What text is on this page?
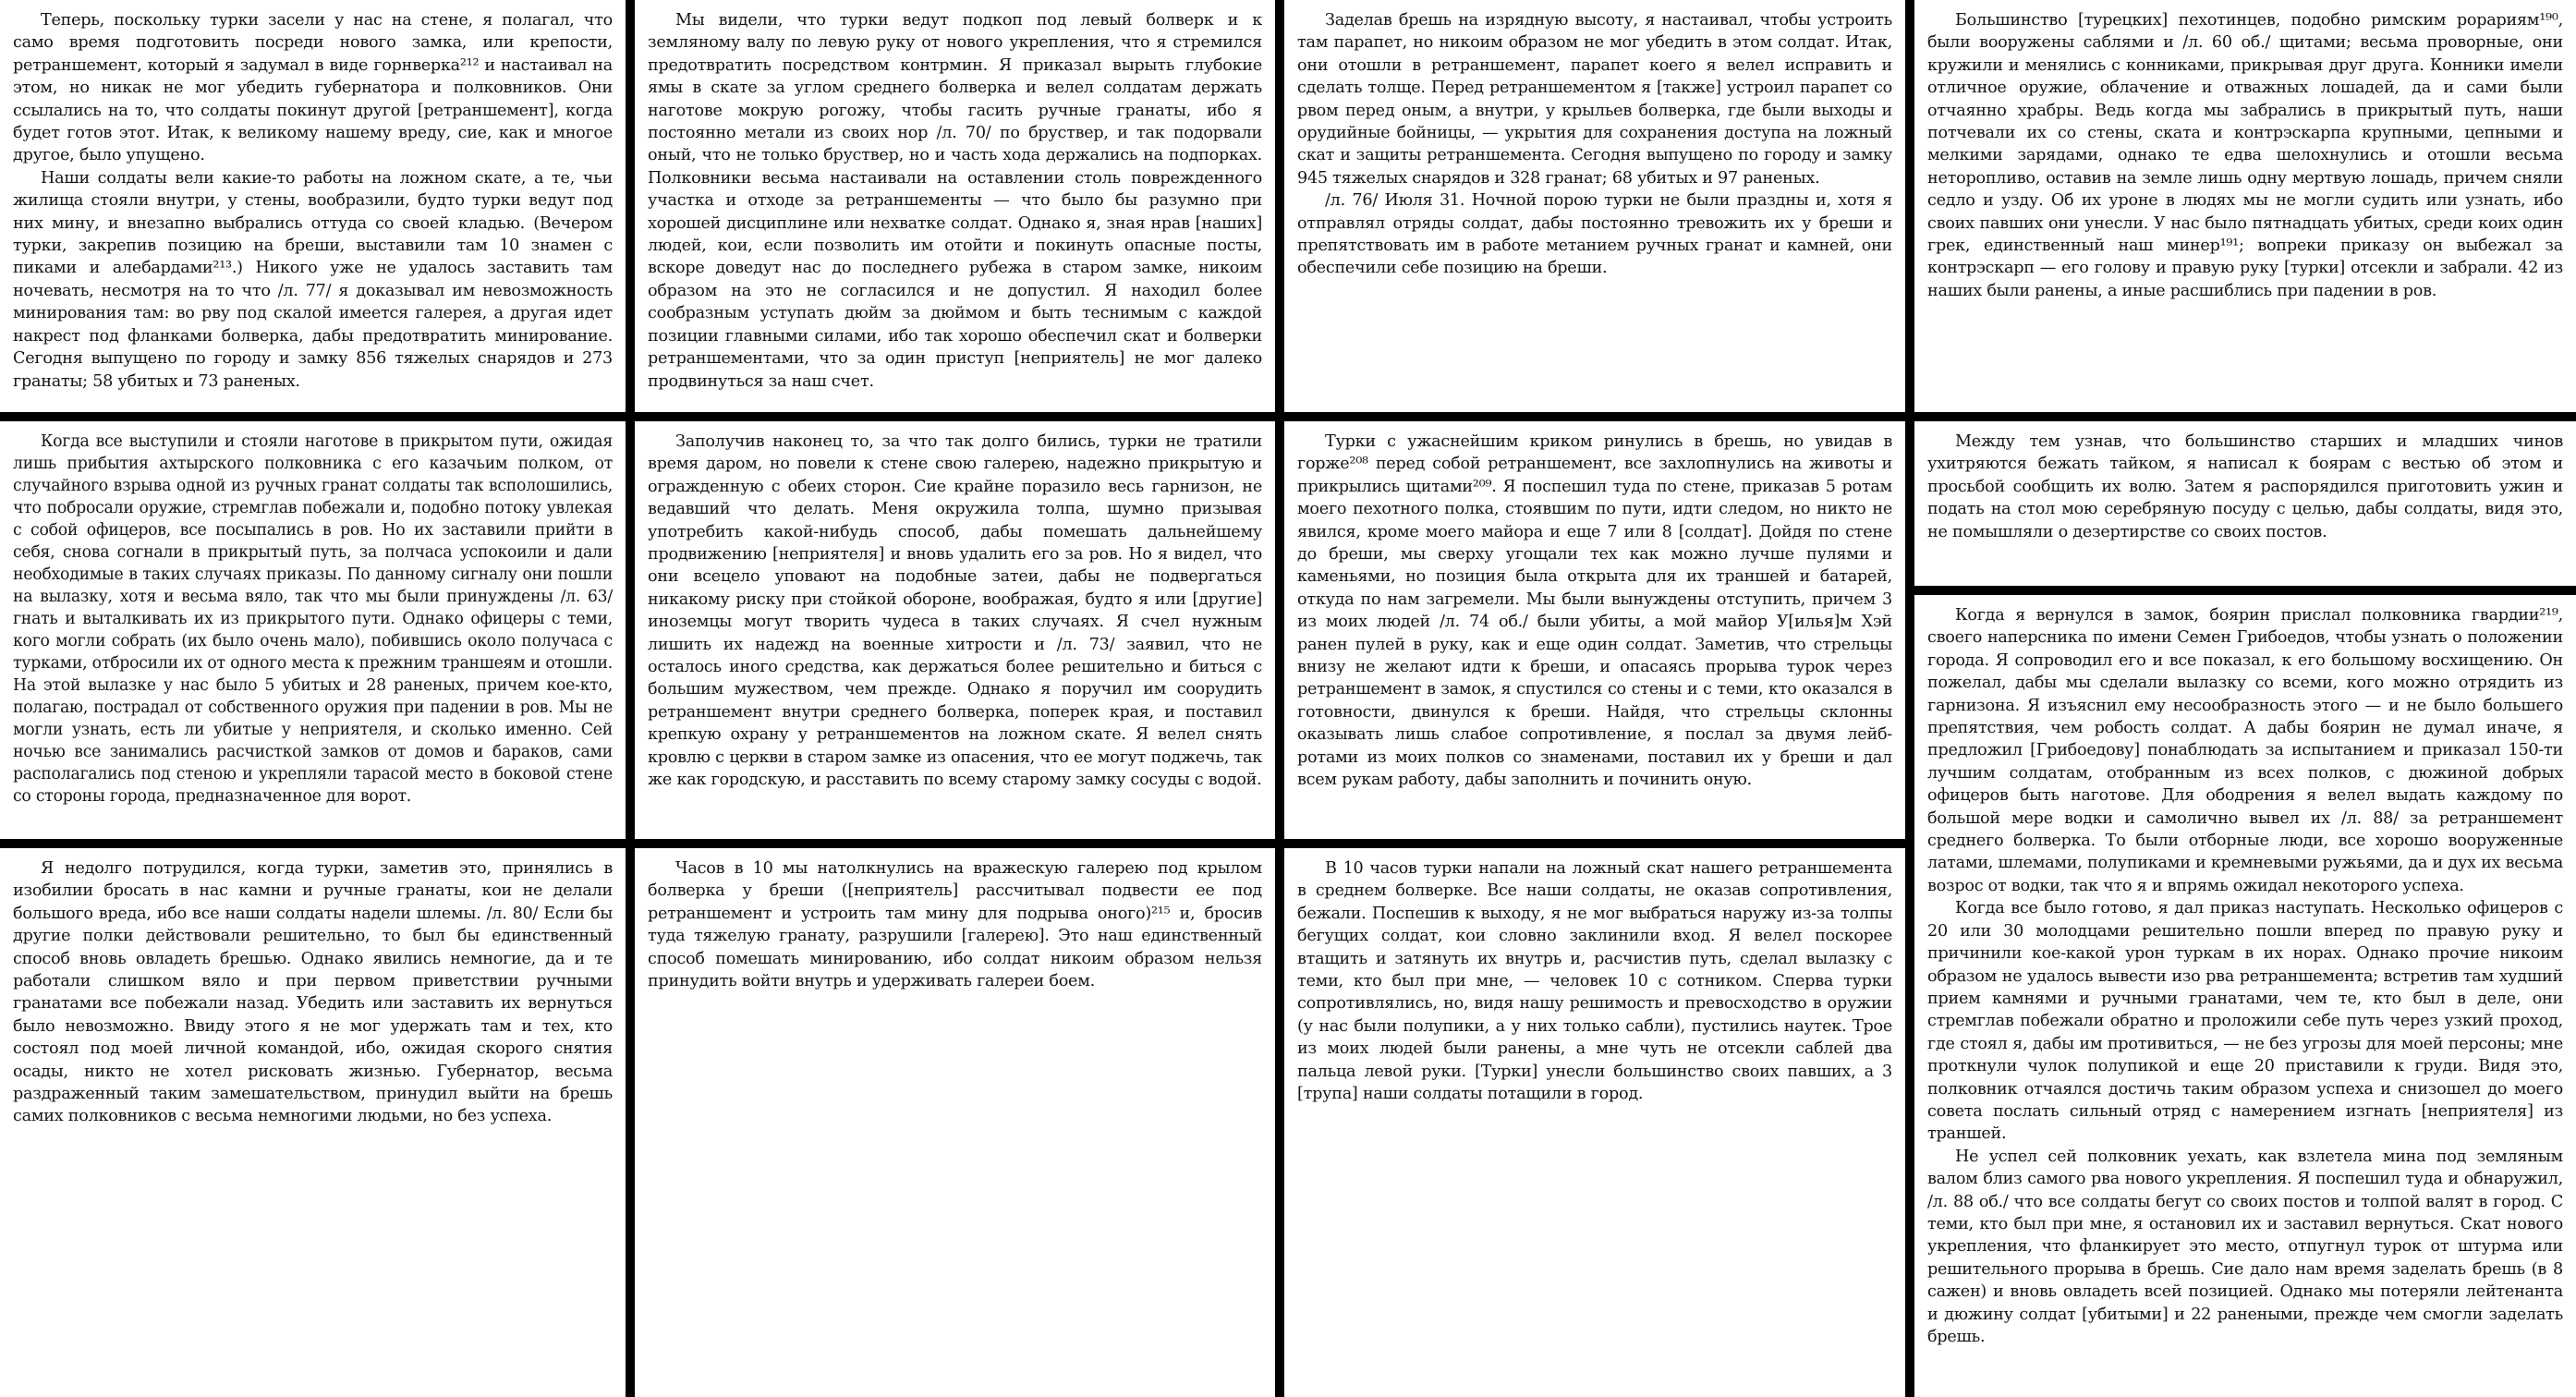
Теперь, поскольку турки засели у нас на стене, я полагал, что само время подготовить посреди нового замка, или крепости, ретраншемент, который я задумал в виде горнверка²¹² и настаивал на этом, но никак не мог убедить губернатора и полковников. Они ссылались на то, что солдаты покинут другой [ретраншемент], когда будет готов этот. Итак, к великому нашему вреду, сие, как и многое другое, было упущено.

Наши солдаты вели какие-то работы на ложном скате, а те, чьи жилища стояли внутри, у стены, вообразили, будто турки ведут под них мину, и внезапно выбрались оттуда со своей кладью. (Вечером турки, закрепив позицию на бреши, выставили там 10 знамен с пиками и алебардами²¹³.) Никого уже не удалось заставить там ночевать, несмотря на то что /л. 77/ я доказывал им невозможность минирования там: во рву под скалой имеется галерея, а другая идет накрест под фланками болверка, дабы предотвратить минирование. Сегодня выпущено по городу и замку 856 тяжелых снарядов и 273 гранаты; 58 убитых и 73 раненых.

Мы видели, что турки ведут подкоп под левый болверк и к земляному валу по левую руку от нового укрепления, что я стремился предотвратить посредством контрмин. Я приказал вырыть глубокие ямы в скате за углом среднего болверка и велел солдатам держать наготове мокрую рогожу, чтобы гасить ручные гранаты, ибо я постоянно метали из своих нор /л. 70/ по бруствер, и так подорвали оный, что не только бруствер, но и часть хода держались на подпорках. Полковники весьма настаивали на оставлении столь поврежденного участка и отходе за ретраншементы — что было бы разумно при хорошей дисциплине или нехватке солдат. Однако я, зная нрав [наших] людей, кои, если позволить им отойти и покинуть опасные посты, вскоре доведут нас до последнего рубежа в старом замке, никоим образом на это не согласился и не допустил. Я находил более сообразным уступать дюйм за дюймом и быть теснимым с каждой позиции главными силами, ибо так хорошо обеспечил скат и болверки ретраншементами, что за один приступ [неприятель] не мог далеко продвинуться за наш счет.

Заделав брешь на изрядную высоту, я настаивал, чтобы устроить там парапет, но никоим образом не мог убедить в этом солдат. Итак, они отошли в ретраншемент, парапет коего я велел исправить и сделать толще. Перед ретраншементом я [также] устроил парапет со рвом перед оным, а внутри, у крыльев болверка, где были выходы и орудийные бойницы, — укрытия для сохранения доступа на ложный скат и защиты ретраншемента. Сегодня выпущено по городу и замку 945 тяжелых снарядов и 328 гранат; 68 убитых и 97 раненых.

/л. 76/ Июля 31. Ночной порою турки не были праздны и, хотя я отправлял отряды солдат, дабы постоянно тревожить их у бреши и препятствовать им в работе метанием ручных гранат и камней, они обеспечили себе позицию на бреши.

Большинство [турецких] пехотинцев, подобно римским рорариям¹⁹⁰, были вооружены саблями и /л. 60 об./ щитами; весьма проворные, они кружили и менялись с конниками, прикрывая друг друга. Конники имели отличное оружие, облачение и отважных лошадей, да и сами были отчаянно храбры. Ведь когда мы забрались в прикрытый путь, наши потчевали их со стены, ската и контрэскарпа крупными, цепными и мелкими зарядами, однако те едва шелохнулись и отошли весьма неторопливо, оставив на земле лишь одну мертвую лошадь, причем сняли седло и узду. Об их уроне в людях мы не могли судить или узнать, ибо своих павших они унесли. У нас было пятнадцать убитых, среди коих один грек, единственный наш минер¹⁹¹; вопреки приказу он выбежал за контрэскарп — его голову и правую руку [турки] отсекли и забрали. 42 из наших были ранены, а иные расшиблись при падении в ров.

Когда все выступили и стояли наготове в прикрытом пути, ожидая лишь прибытия ахтырского полковника с его казачьим полком, от случайного взрыва одной из ручных гранат солдаты так всполошились, что побросали оружие, стремглав побежали и, подобно потоку увлекая с собой офицеров, все посыпались в ров. Но их заставили прийти в себя, снова согнали в прикрытый путь, за полчаса успокоили и дали необходимые в таких случаях приказы. По данному сигналу они пошли на вылазку, хотя и весьма вяло, так что мы были принуждены /л. 63/ гнать и выталкивать их из прикрытого пути. Однако офицеры с теми, кого могли собрать (их было очень мало), побившись около получаса с турками, отбросили их от одного места к прежним траншеям и отошли. На этой вылазке у нас было 5 убитых и 28 раненых, причем кое-кто, полагаю, пострадал от собственного оружия при падении в ров. Мы не могли узнать, есть ли убитые у неприятеля, и сколько именно. Сей ночью все занимались расчисткой замков от домов и бараков, сами располагались под стеною и укрепляли тарасой место в боковой стене со стороны города, предназначенное для ворот.

Заполучив наконец то, за что так долго бились, турки не тратили время даром, но повели к стене свою галерею, надежно прикрытую и огражденную с обеих сторон. Сие крайне поразило весь гарнизон, не ведавший что делать. Меня окружила толпа, шумно призывая употребить какой-нибудь способ, дабы помешать дальнейшему продвижению [неприятеля] и вновь удалить его за ров. Но я видел, что они всецело уповают на подобные затеи, дабы не подвергаться никакому риску при стойкой обороне, воображая, будто я или [другие] иноземцы могут творить чудеса в таких случаях. Я счел нужным лишить их надежд на военные хитрости и /л. 73/ заявил, что не осталось иного средства, как держаться более решительно и биться с большим мужеством, чем прежде. Однако я поручил им соорудить ретраншемент внутри среднего болверка, поперек края, и поставил крепкую охрану у ретраншементов на ложном скате. Я велел снять кровлю с церкви в старом замке из опасения, что ее могут поджечь, так же как городскую, и расставить по всему старому замку сосуды с водой.

Турки с ужаснейшим криком ринулись в брешь, но увидав в горже²⁰⁸ перед собой ретраншемент, все захлопнулись на животы и прикрылись щитами²⁰⁹. Я поспешил туда по стене, приказав 5 ротам моего пехотного полка, стоявшим по пути, идти следом, но никто не явился, кроме моего майора и еще 7 или 8 [солдат]. Дойдя по стене до бреши, мы сверху угощали тех как можно лучше пулями и каменьями, но позиция была открыта для их траншей и батарей, откуда по нам загремели. Мы были вынуждены отступить, причем 3 из моих людей /л. 74 об./ были убиты, а мой майор У[илья]м Хэй ранен пулей в руку, как и еще один солдат. Заметив, что стрельцы внизу не желают идти к бреши, и опасаясь прорыва турок через ретраншемент в замок, я спустился со стены и с теми, кто оказался в готовности, двинулся к бреши. Найдя, что стрельцы склонны оказывать лишь слабое сопротивление, я послал за двумя лейб-ротами из моих полков со знаменами, поставил их у бреши и дал всем рукам работу, дабы заполнить и починить оную.

Между тем узнав, что большинство старших и младших чинов ухитряются бежать тайком, я написал к боярам с вестью об этом и просьбой сообщить их волю. Затем я распорядился приготовить ужин и подать на стол мою серебряную посуду с целью, дабы солдаты, видя это, не помышляли о дезертирстве со своих постов.

Я недолго потрудился, когда турки, заметив это, принялись в изобилии бросать в нас камни и ручные гранаты, кои не делали большого вреда, ибо все наши солдаты надели шлемы. /л. 80/ Если бы другие полки действовали решительно, то был бы единственный способ вновь овладеть брешью. Однако явились немногие, да и те работали слишком вяло и при первом приветствии ручными гранатами все побежали назад. Убедить или заставить их вернуться было невозможно. Ввиду этого я не мог удержать там и тех, кто состоял под моей личной командой, ибо, ожидая скорого снятия осады, никто не хотел рисковать жизнью. Губернатор, весьма раздраженный таким замешательством, принудил выйти на брешь самих полковников с весьма немногими людьми, но без успеха.

Часов в 10 мы натолкнулись на вражескую галерею под крылом болверка у бреши ([неприятель] рассчитывал подвести ее под ретраншемент и устроить там мину для подрыва оного)²¹⁵ и, бросив туда тяжелую гранату, разрушили [галерею]. Это наш единственный способ помешать минированию, ибо солдат никоим образом нельзя принудить войти внутрь и удерживать галереи боем.

В 10 часов турки напали на ложный скат нашего ретраншемента в среднем болверке. Все наши солдаты, не оказав сопротивления, бежали. Поспешив к выходу, я не мог выбраться наружу из-за толпы бегущих солдат, кои словно заклинили вход. Я велел поскорее втащить и затянуть их внутрь и, расчистив путь, сделал вылазку с теми, кто был при мне, — человек 10 с сотником. Сперва турки сопротивлялись, но, видя нашу решимость и превосходство в оружии (у нас были полупики, а у них только сабли), пустились наутек. Трое из моих людей были ранены, а мне чуть не отсекли саблей два пальца левой руки. [Турки] унесли большинство своих павших, а 3 [трупа] наши солдаты потащили в город.

Когда я вернулся в замок, боярин прислал полковника гвардии²¹⁹, своего наперсника по имени Семен Грибоедов, чтобы узнать о положении города. Я сопроводил его и все показал, к его большому восхищению. Он пожелал, дабы мы сделали вылазку со всеми, кого можно отрядить из гарнизона. Я изъяснил ему несообразность этого — и не было большего препятствия, чем робость солдат. А дабы боярин не думал иначе, я предложил [Грибоедову] понаблюдать за испытанием и приказал 150-ти лучшим солдатам, отобранным из всех полков, с дюжиной добрых офицеров быть наготове. Для ободрения я велел выдать каждому по большой мере водки и самолично вывел их /л. 88/ за ретраншемент среднего болверка. То были отборные люди, все хорошо вооруженные латами, шлемами, полупиками и кремневыми ружьями, да и дух их весьма возрос от водки, так что я и впрямь ожидал некоторого успеха.

Когда все было готово, я дал приказ наступать. Несколько офицеров с 20 или 30 молодцами решительно пошли вперед по правую руку и причинили кое-какой урон туркам в их норах. Однако прочие никоим образом не удалось вывести изо рва ретраншемента; встретив там худший прием камнями и ручными гранатами, чем те, кто был в деле, они стремглав побежали обратно и проложили себе путь через узкий проход, где стоял я, дабы им противиться, — не без угрозы для моей персоны; мне проткнули чулок полупикой и еще 20 приставили к груди. Видя это, полковник отчаялся достичь таким образом успеха и снизошел до моего совета послать сильный отряд с намерением изгнать [неприятеля] из траншей.

Не успел сей полковник уехать, как взлетела мина под земляным валом близ самого рва нового укрепления. Я поспешил туда и обнаружил, /л. 88 об./ что все солдаты бегут со своих постов и толпой валят в город. С теми, кто был при мне, я остановил их и заставил вернуться. Скат нового укрепления, что фланкирует это место, отпугнул турок от штурма или решительного прорыва в брешь. Сие дало нам время заделать брешь (в 8 сажен) и вновь овладеть всей позицией. Однако мы потеряли лейтенанта и дюжину солдат [убитыми] и 22 ранеными, прежде чем смогли заделать брешь.
